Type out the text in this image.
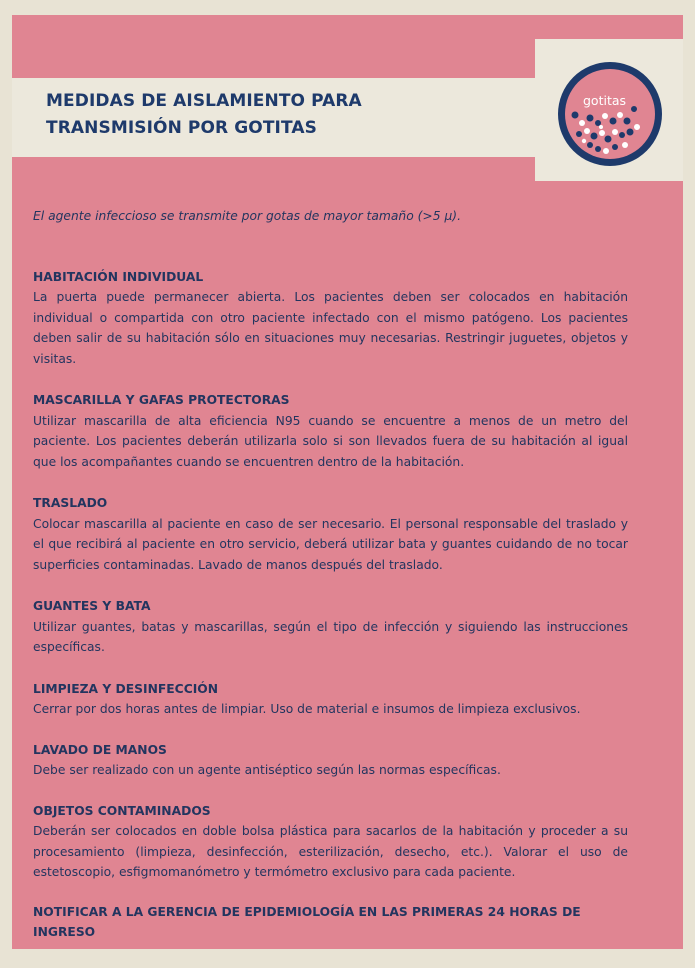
MEDIDAS DE AISLAMIENTO PARA
TRANSMISIÓN POR GOTITAS
gotitas

El agente infeccioso se transmite por gotas de mayor tamaño (>5 µ).

HABITACIÓN INDIVIDUAL

La puerta puede permanecer abierta. Los pacientes deben ser colocados en habitación individual o compartida con otro paciente infectado con el mismo patógeno. Los pacientes deben salir de su habitación sólo en situaciones muy necesarias. Restringir juguetes, objetos y visitas.

MASCARILLA Y GAFAS PROTECTORAS

Utilizar mascarilla de alta eficiencia N95 cuando se encuentre a menos de un metro del paciente. Los pacientes deberán utilizarla solo si son llevados fuera de su habitación al igual que los acompañantes cuando se encuentren dentro de la habitación.

TRASLADO

Colocar mascarilla al paciente en caso de ser necesario. El personal responsable del traslado y el que recibirá al paciente en otro servicio, deberá utilizar bata y guantes cuidando de no tocar superficies contaminadas. Lavado de manos después del traslado.

GUANTES Y BATA

Utilizar guantes, batas y mascarillas, según el tipo de infección y siguiendo las instrucciones específicas.

LIMPIEZA Y DESINFECCIÓN

Cerrar por dos horas antes de limpiar. Uso de material e insumos de limpieza exclusivos.

LAVADO DE MANOS

Debe ser realizado con un agente antiséptico según las normas específicas.

OBJETOS CONTAMINADOS

Deberán ser colocados en doble bolsa plástica para sacarlos de la habitación y proceder a su procesamiento (limpieza, desinfección, esterilización, desecho, etc.). Valorar el uso de estetoscopio, esfigmomanómetro y termómetro exclusivo para cada paciente.

NOTIFICAR A LA GERENCIA DE EPIDEMIOLOGÍA EN LAS PRIMERAS 24 HORAS DE INGRESO
